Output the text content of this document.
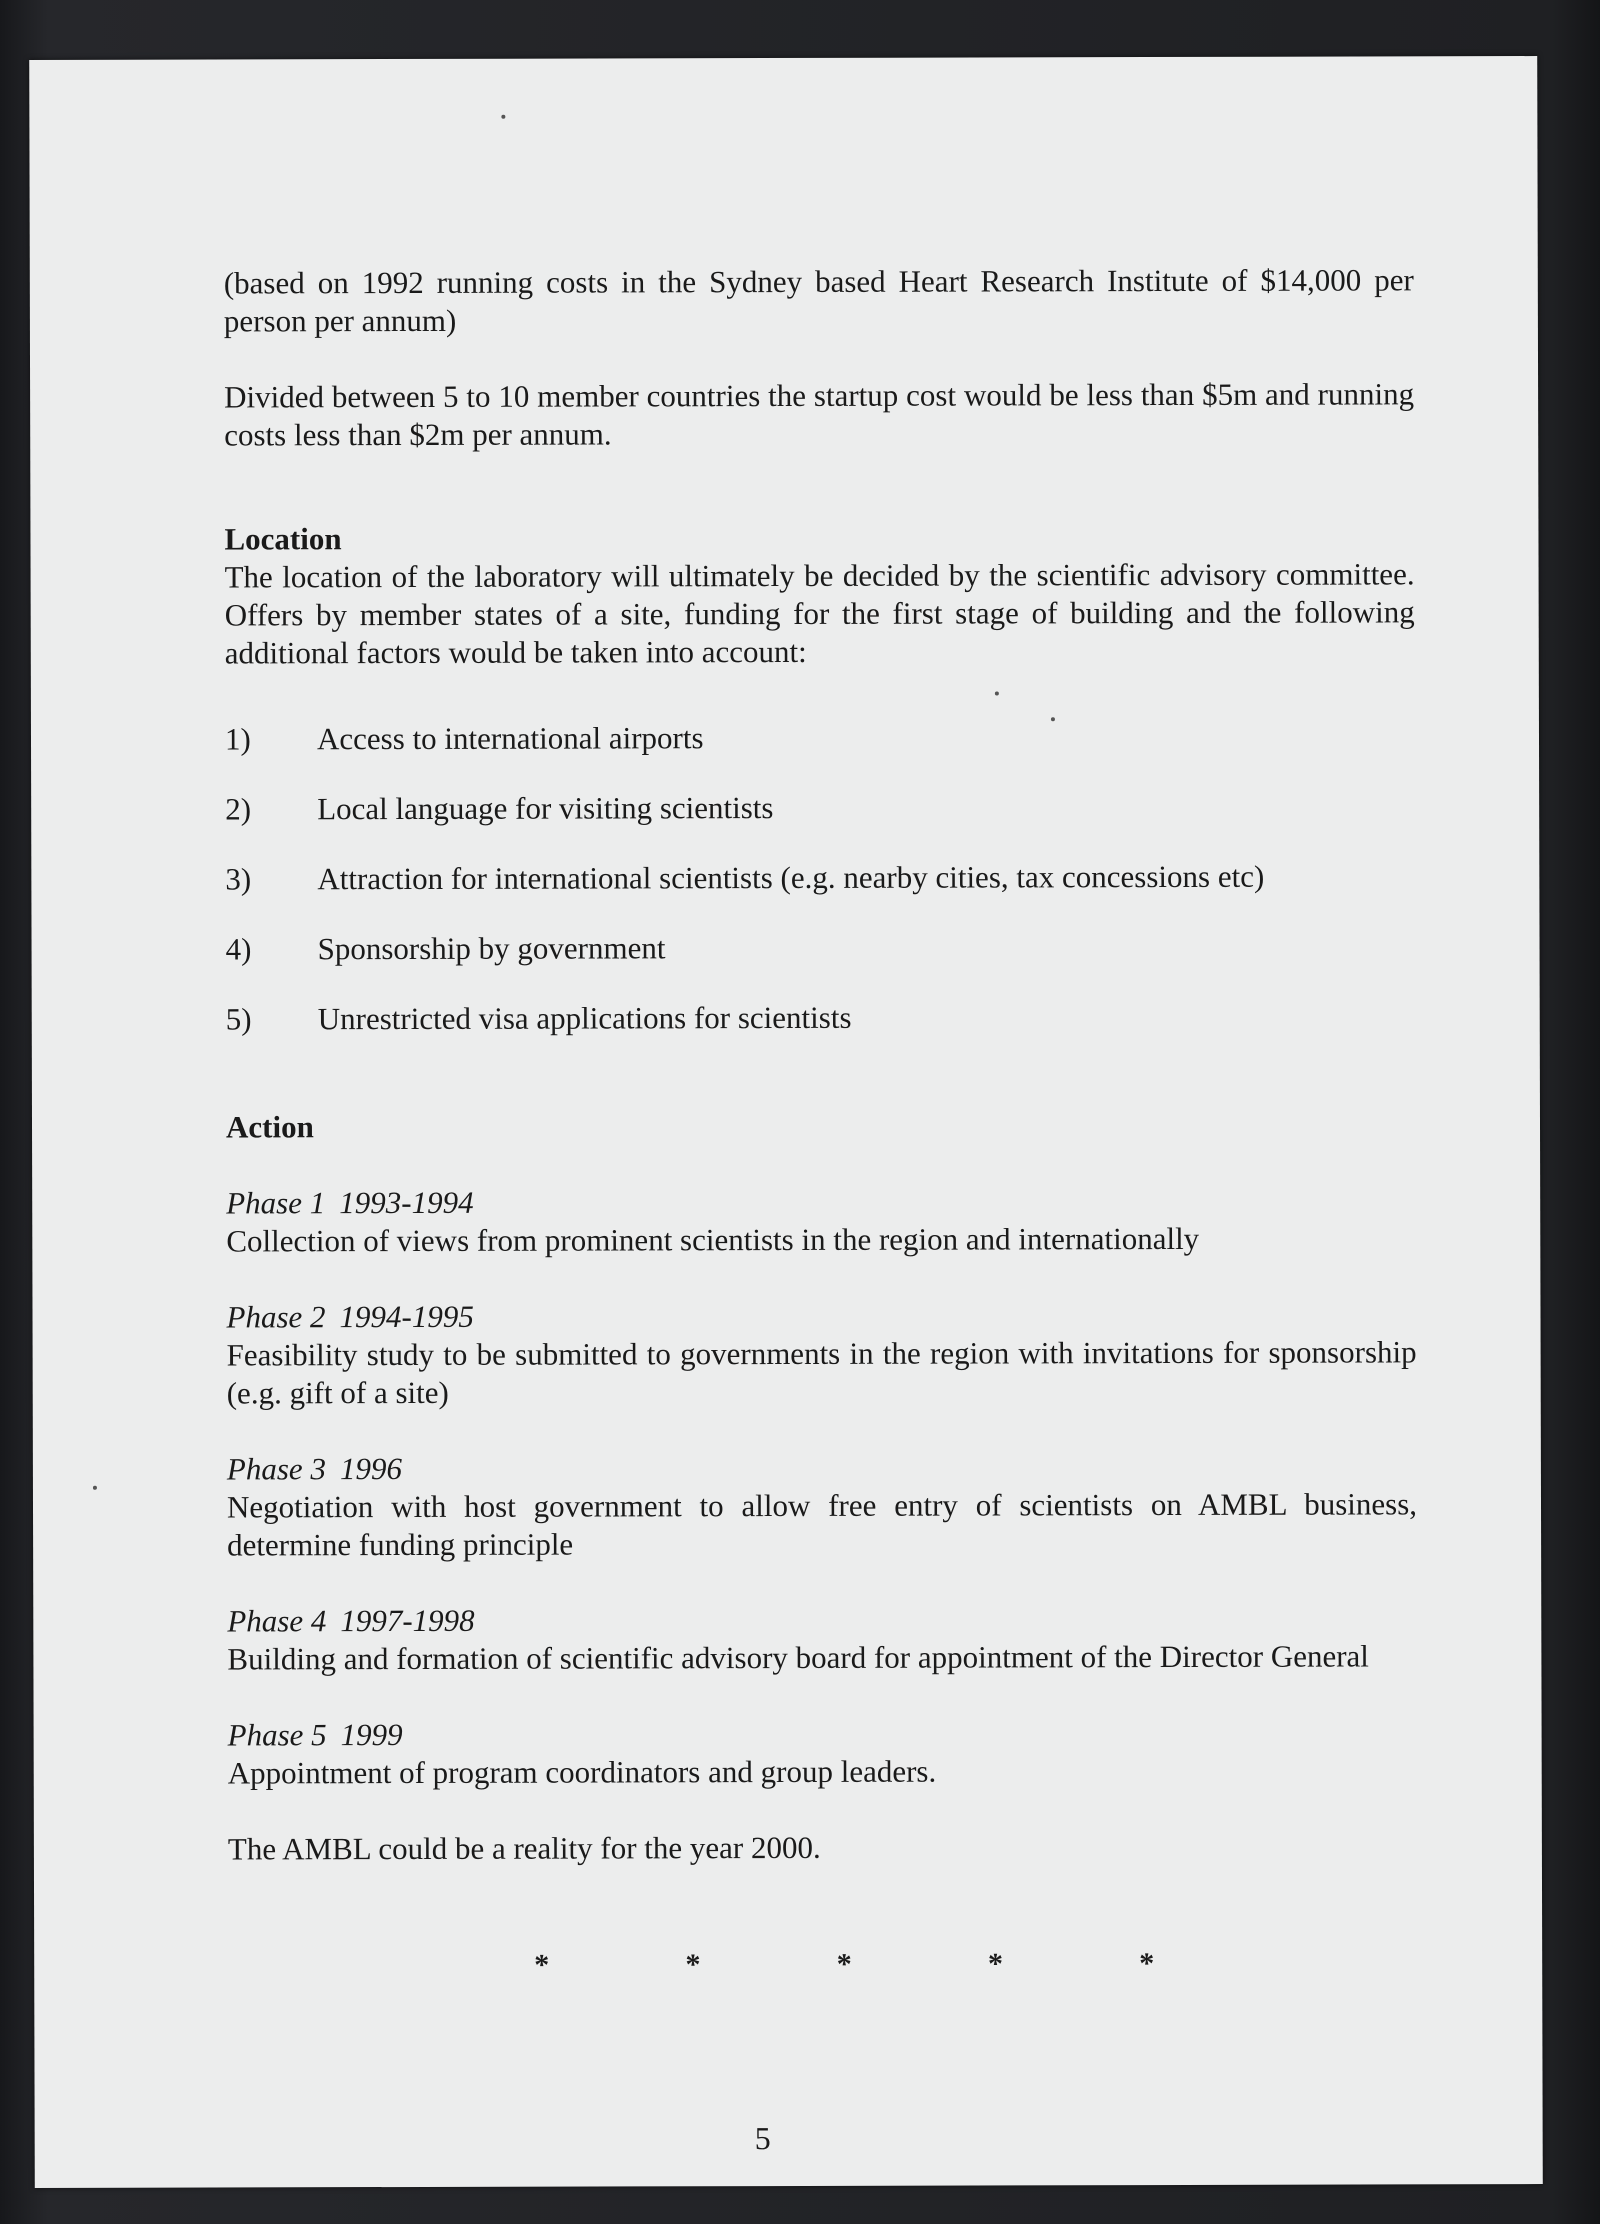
(based on 1992 running costs in the Sydney based Heart Research Institute of $14,000 per person per annum)

Divided between 5 to 10 member countries the startup cost would be less than $5m and running costs less than $2m per annum.

Location

The location of the laboratory will ultimately be decided by the scientific advisory committee. Offers by member states of a site, funding for the first stage of building and the following additional factors would be taken into account:

1)	Access to international airports
2)	Local language for visiting scientists
3)	Attraction for international scientists (e.g. nearby cities, tax concessions etc)
4)	Sponsorship by government
5)	Unrestricted visa applications for scientists

Action

Phase 1 1993-1994

Collection of views from prominent scientists in the region and internationally

Phase 2 1994-1995

Feasibility study to be submitted to governments in the region with invitations for sponsorship (e.g. gift of a site)

Phase 3 1996

Negotiation with host government to allow free entry of scientists on AMBL business, determine funding principle

Phase 4 1997-1998

Building and formation of scientific advisory board for appointment of the Director General

Phase 5 1999

Appointment of program coordinators and group leaders.

The AMBL could be a reality for the year 2000.

*	*	*	*	*
5
